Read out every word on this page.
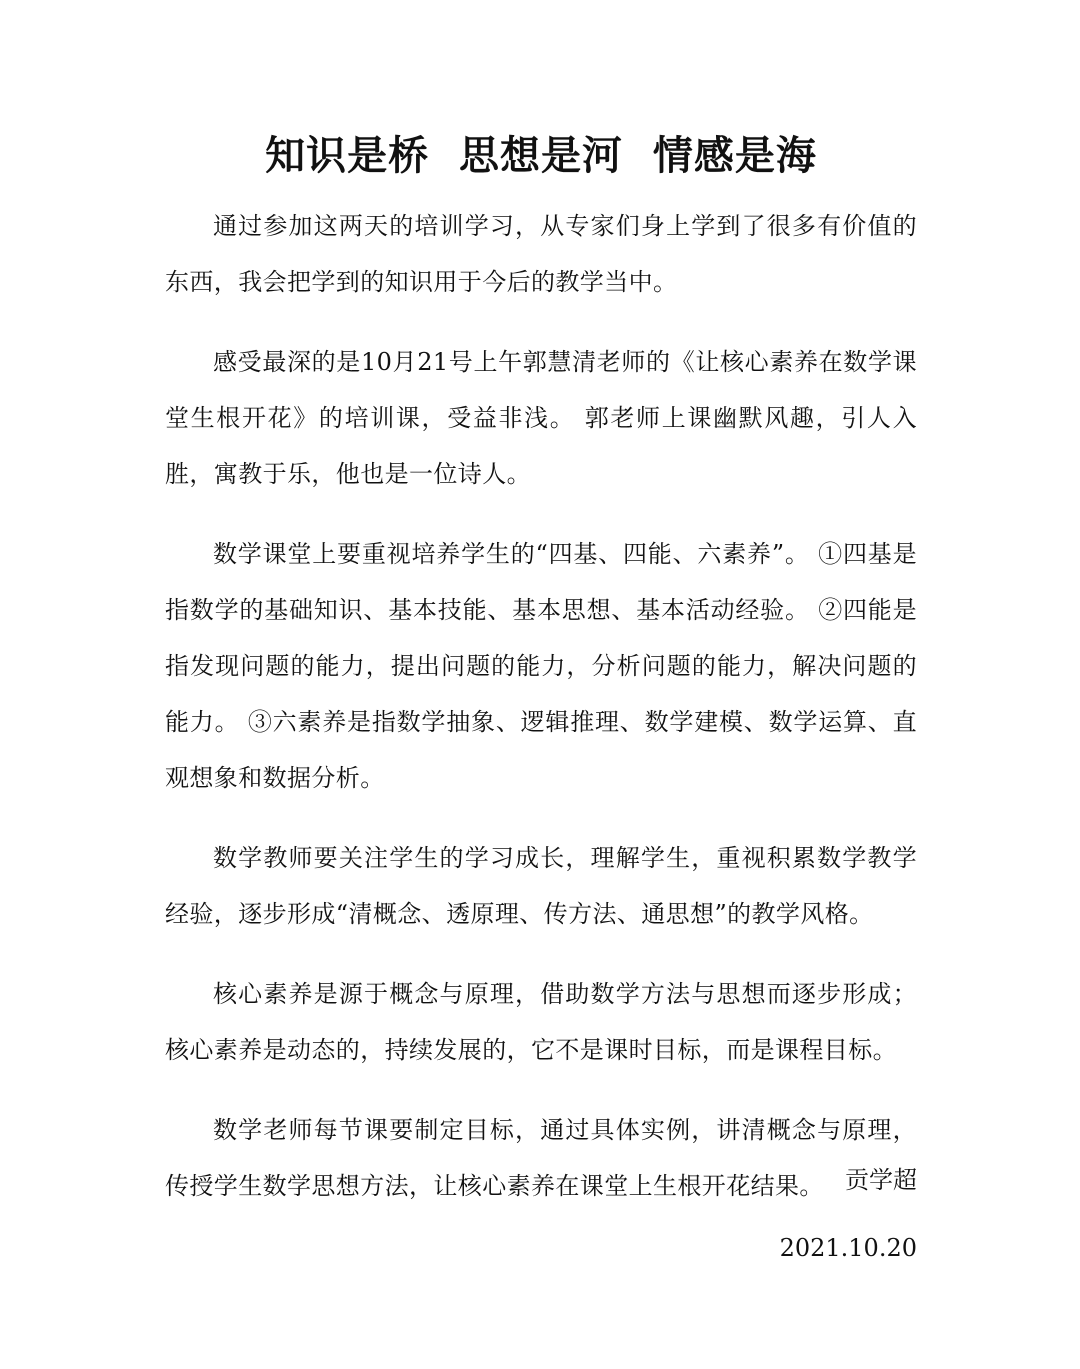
知识是桥  思想是河  情感是海

通过参加这两天的培训学习，从专家们身上学到了很多有价值的东西，我会把学到的知识用于今后的教学当中。

感受最深的是10月21号上午郭慧清老师的《让核心素养在数学课堂生根开花》的培训课，受益非浅。 郭老师上课幽默风趣，引人入胜，寓教于乐，他也是一位诗人。

数学课堂上要重视培养学生的“四基、四能、六素养”。 ①四基是指数学的基础知识、基本技能、基本思想、基本活动经验。 ②四能是指发现问题的能力，提出问题的能力，分析问题的能力，解决问题的能力。 ③六素养是指数学抽象、逻辑推理、数学建模、数学运算、直观想象和数据分析。

数学教师要关注学生的学习成长，理解学生，重视积累数学教学经验，逐步形成“清概念、透原理、传方法、通思想”的教学风格。

核心素养是源于概念与原理，借助数学方法与思想而逐步形成；核心素养是动态的，持续发展的，它不是课时目标，而是课程目标。

数学老师每节课要制定目标，通过具体实例，讲清概念与原理，传授学生数学思想方法，让核心素养在课堂上生根开花结果。 贡学超

2021.10.20
